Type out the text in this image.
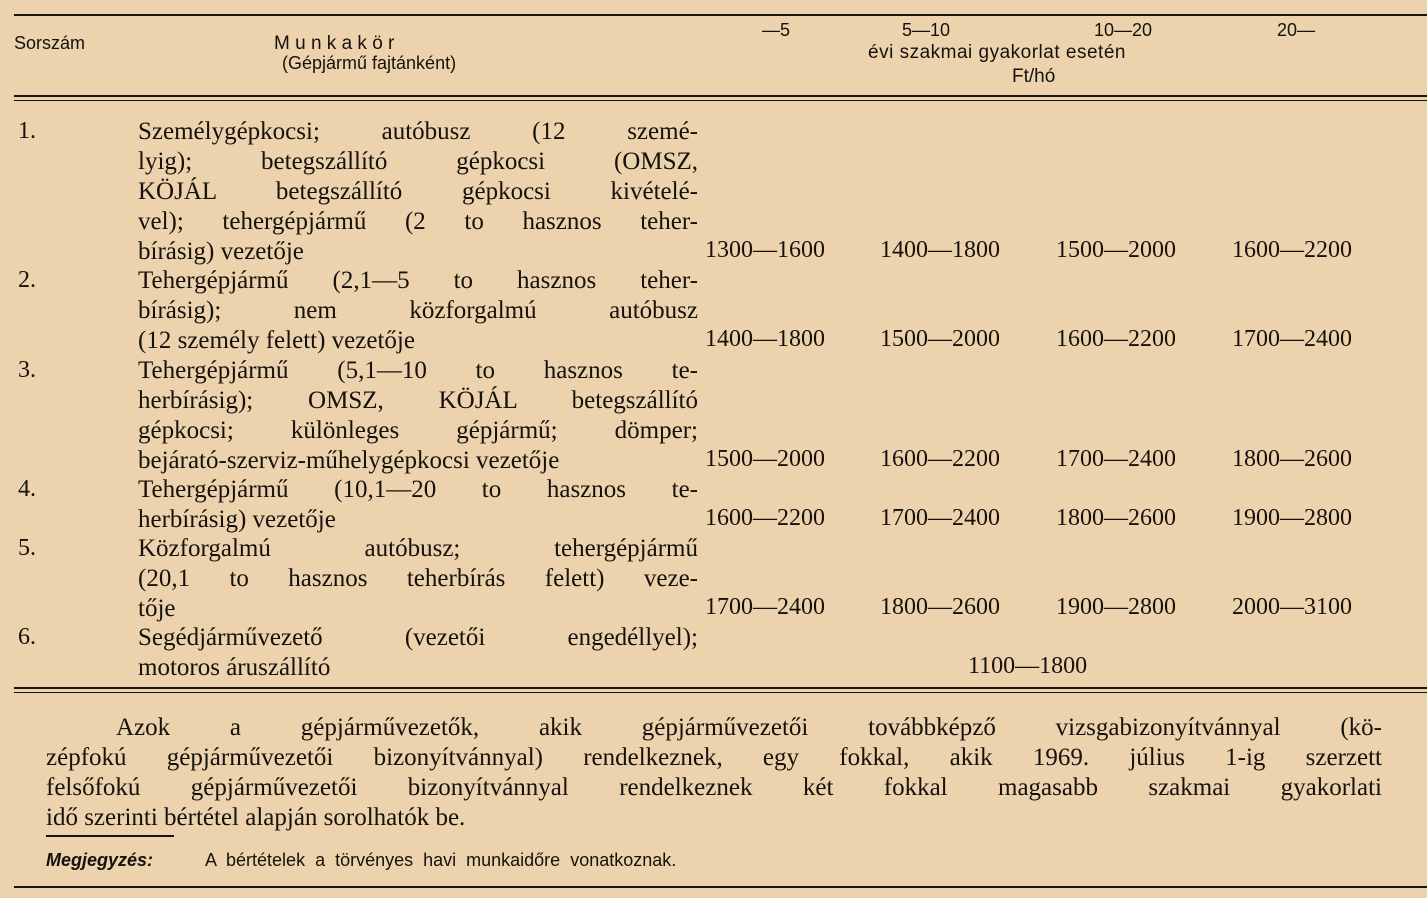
Sorszám	M u n k a k ö r
(Gépjármű fajtánként)
—5	5—10	10—20	20—
évi szakmai gyakorlat esetén
Ft/hó
1.	Személygépkocsi; autóbusz (12 szemé-
lyig); betegszállító gépkocsi (OMSZ,
KÖJÁL betegszállító gépkocsi kivételé-
vel); tehergépjármű (2 to hasznos teher-
bírásig) vezetője	1300—1600 1400—1800 1500—2000 1600—2200
2.	Tehergépjármű (2,1—5 to hasznos teher-
bírásig); nem közforgalmú autóbusz
(12 személy felett) vezetője	1400—1800 1500—2000 1600—2200 1700—2400
3.	Tehergépjármű (5,1—10 to hasznos te-
herbírásig); OMSZ, KÖJÁL betegszállító
gépkocsi; különleges gépjármű; dömper;
bejárató-szerviz-műhelygépkocsi vezetője	1500—2000 1600—2200 1700—2400 1800—2600
4.	Tehergépjármű (10,1—20 to hasznos te-
herbírásig) vezetője	1600—2200 1700—2400 1800—2600 1900—2800
5.	Közforgalmú autóbusz; tehergépjármű
(20,1 to hasznos teherbírás felett) veze-
tője	1700—2400 1800—2600 1900—2800 2000—3100
6.	Segédjárművezető (vezetői engedéllyel);
motoros áruszállító	1100—1800
Azok a gépjárművezetők, akik gépjárművezetői továbbképző vizsgabizonyítvánnyal (kö-
zépfokú gépjárművezetői bizonyítvánnyal) rendelkeznek, egy fokkal, akik 1969. július 1-ig szerzett
felsőfokú gépjárművezetői bizonyítvánnyal rendelkeznek két fokkal magasabb szakmai gyakorlati
idő szerinti bértétel alapján sorolhatók be.
Megjegyzés:	A bértételek a törvényes havi munkaidőre vonatkoznak.
